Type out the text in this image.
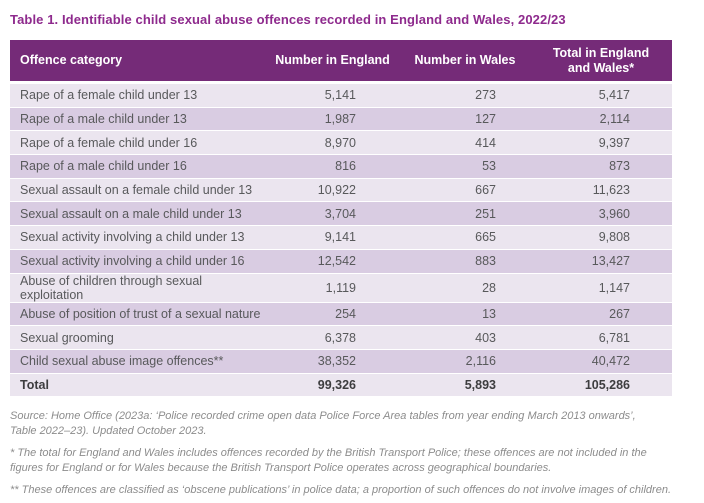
Table 1. Identifiable child sexual abuse offences recorded in England and Wales, 2022/23
Offence category	Number in England	Number in Wales	Total in England and Wales*
Rape of a female child under 13	5,141	273	5,417
Rape of a male child under 13	1,987	127	2,114
Rape of a female child under 16	8,970	414	9,397
Rape of a male child under 16	816	53	873
Sexual assault on a female child under 13	10,922	667	11,623
Sexual assault on a male child under 13	3,704	251	3,960
Sexual activity involving a child under 13	9,141	665	9,808
Sexual activity involving a child under 16	12,542	883	13,427
Abuse of children through sexual exploitation	1,119	28	1,147
Abuse of position of trust of a sexual nature	254	13	267
Sexual grooming	6,378	403	6,781
Child sexual abuse image offences**	38,352	2,116	40,472
Total	99,326	5,893	105,286
Source: Home Office (2023a: ‘Police recorded crime open data Police Force Area tables from year ending March 2013 onwards’,
Table 2022–23). Updated October 2023.
* The total for England and Wales includes offences recorded by the British Transport Police; these offences are not included in the
figures for England or for Wales because the British Transport Police operates across geographical boundaries.
** These offences are classified as ‘obscene publications’ in police data; a proportion of such offences do not involve images of children.
